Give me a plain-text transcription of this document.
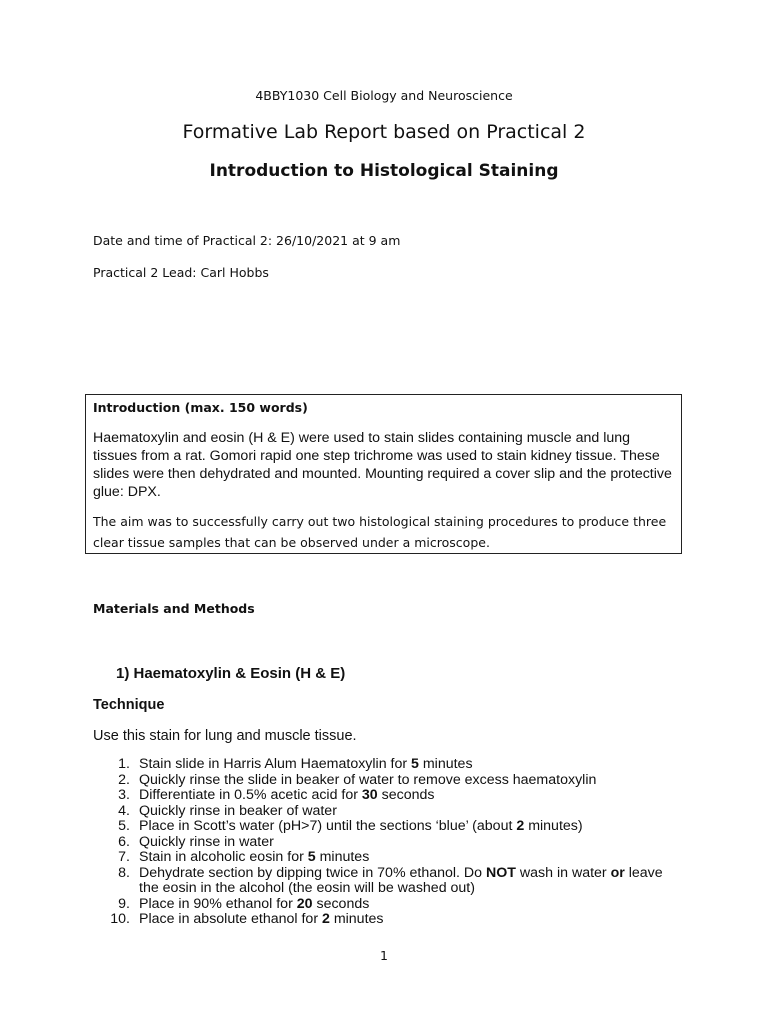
4BBY1030 Cell Biology and Neuroscience
Formative Lab Report based on Practical 2
Introduction to Histological Staining
Date and time of Practical 2: 26/10/2021 at 9 am
Practical 2 Lead: Carl Hobbs
Introduction (max. 150 words)
Haematoxylin and eosin (H & E) were used to stain slides containing muscle and lung tissues from a rat. Gomori rapid one step trichrome was used to stain kidney tissue. These slides were then dehydrated and mounted. Mounting required a cover slip and the protective glue: DPX.
The aim was to successfully carry out two histological staining procedures to produce three clear tissue samples that can be observed under a microscope.
Materials and Methods
1) Haematoxylin & Eosin (H & E)
Technique
Use this stain for lung and muscle tissue.
1. Stain slide in Harris Alum Haematoxylin for 5 minutes
2. Quickly rinse the slide in beaker of water to remove excess haematoxylin
3. Differentiate in 0.5% acetic acid for 30 seconds
4. Quickly rinse in beaker of water
5. Place in Scott’s water (pH>7) until the sections ‘blue’ (about 2 minutes)
6. Quickly rinse in water
7. Stain in alcoholic eosin for 5 minutes
8. Dehydrate section by dipping twice in 70% ethanol. Do NOT wash in water or leave the eosin in the alcohol (the eosin will be washed out)
9. Place in 90% ethanol for 20 seconds
10. Place in absolute ethanol for 2 minutes
1
